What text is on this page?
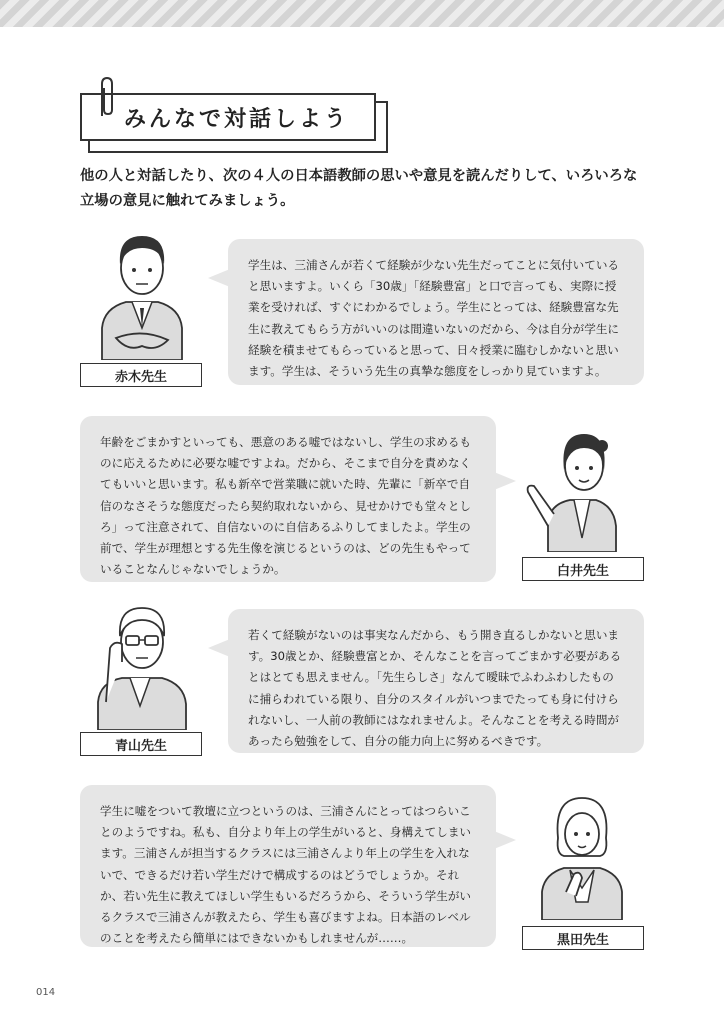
みんなで対話しよう
他の人と対話したり、次の４人の日本語教師の思いや意見を読んだりして、いろいろな立場の意見に触れてみましょう。
赤木先生
学生は、三浦さんが若くて経験が少ない先生だってことに気付いていると思いますよ。いくら「30歳」「経験豊富」と口で言っても、実際に授業を受ければ、すぐにわかるでしょう。学生にとっては、経験豊富な先生に教えてもらう方がいいのは間違いないのだから、今は自分が学生に経験を積ませてもらっていると思って、日々授業に臨むしかないと思います。学生は、そういう先生の真摯な態度をしっかり見ていますよ。
年齢をごまかすといっても、悪意のある嘘ではないし、学生の求めるものに応えるために必要な嘘ですよね。だから、そこまで自分を責めなくてもいいと思います。私も新卒で営業職に就いた時、先輩に「新卒で自信のなさそうな態度だったら契約取れないから、見せかけでも堂々としろ」って注意されて、自信ないのに自信あるふりしてましたよ。学生の前で、学生が理想とする先生像を演じるというのは、どの先生もやっていることなんじゃないでしょうか。	白井先生
青山先生
若くて経験がないのは事実なんだから、もう開き直るしかないと思います。30歳とか、経験豊富とか、そんなことを言ってごまかす必要があるとはとても思えません。「先生らしさ」なんて曖昧でふわふわしたものに捕らわれている限り、自分のスタイルがいつまでたっても身に付けられないし、一人前の教師にはなれませんよ。そんなことを考える時間があったら勉強をして、自分の能力向上に努めるべきです。
学生に嘘をついて教壇に立つというのは、三浦さんにとってはつらいことのようですね。私も、自分より年上の学生がいると、身構えてしまいます。三浦さんが担当するクラスには三浦さんより年上の学生を入れないで、できるだけ若い学生だけで構成するのはどうでしょうか。それか、若い先生に教えてほしい学生もいるだろうから、そういう学生がいるクラスで三浦さんが教えたら、学生も喜びますよね。日本語のレベルのことを考えたら簡単にはできないかもしれませんが……。	黒田先生
014
